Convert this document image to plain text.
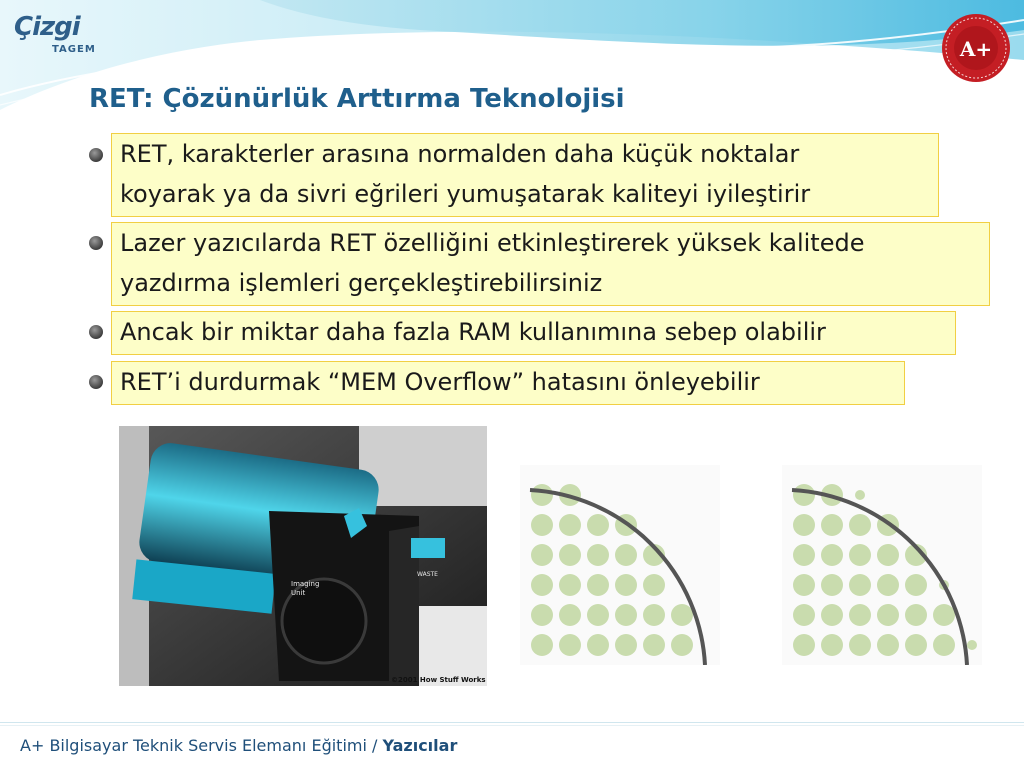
Çizgi
TAGEM	A+
RET: Çözünürlük Arttırma Teknolojisi
RET, karakterler arasına normalden daha küçük noktalar
koyarak ya da sivri eğrileri yumuşatarak kaliteyi iyileştirir
Lazer yazıcılarda RET özelliğini etkinleştirerek yüksek kalitede
yazdırma işlemleri gerçekleştirebilirsiniz
Ancak bir miktar daha fazla RAM kullanımına sebep olabilir
RET’i durdurmak “MEM Overflow” hatasını önleyebilir
Imaging
Unit
WASTE
©2001 How Stuff Works
A+ Bilgisayar Teknik Servis Elemanı Eğitimi / Yazıcılar
